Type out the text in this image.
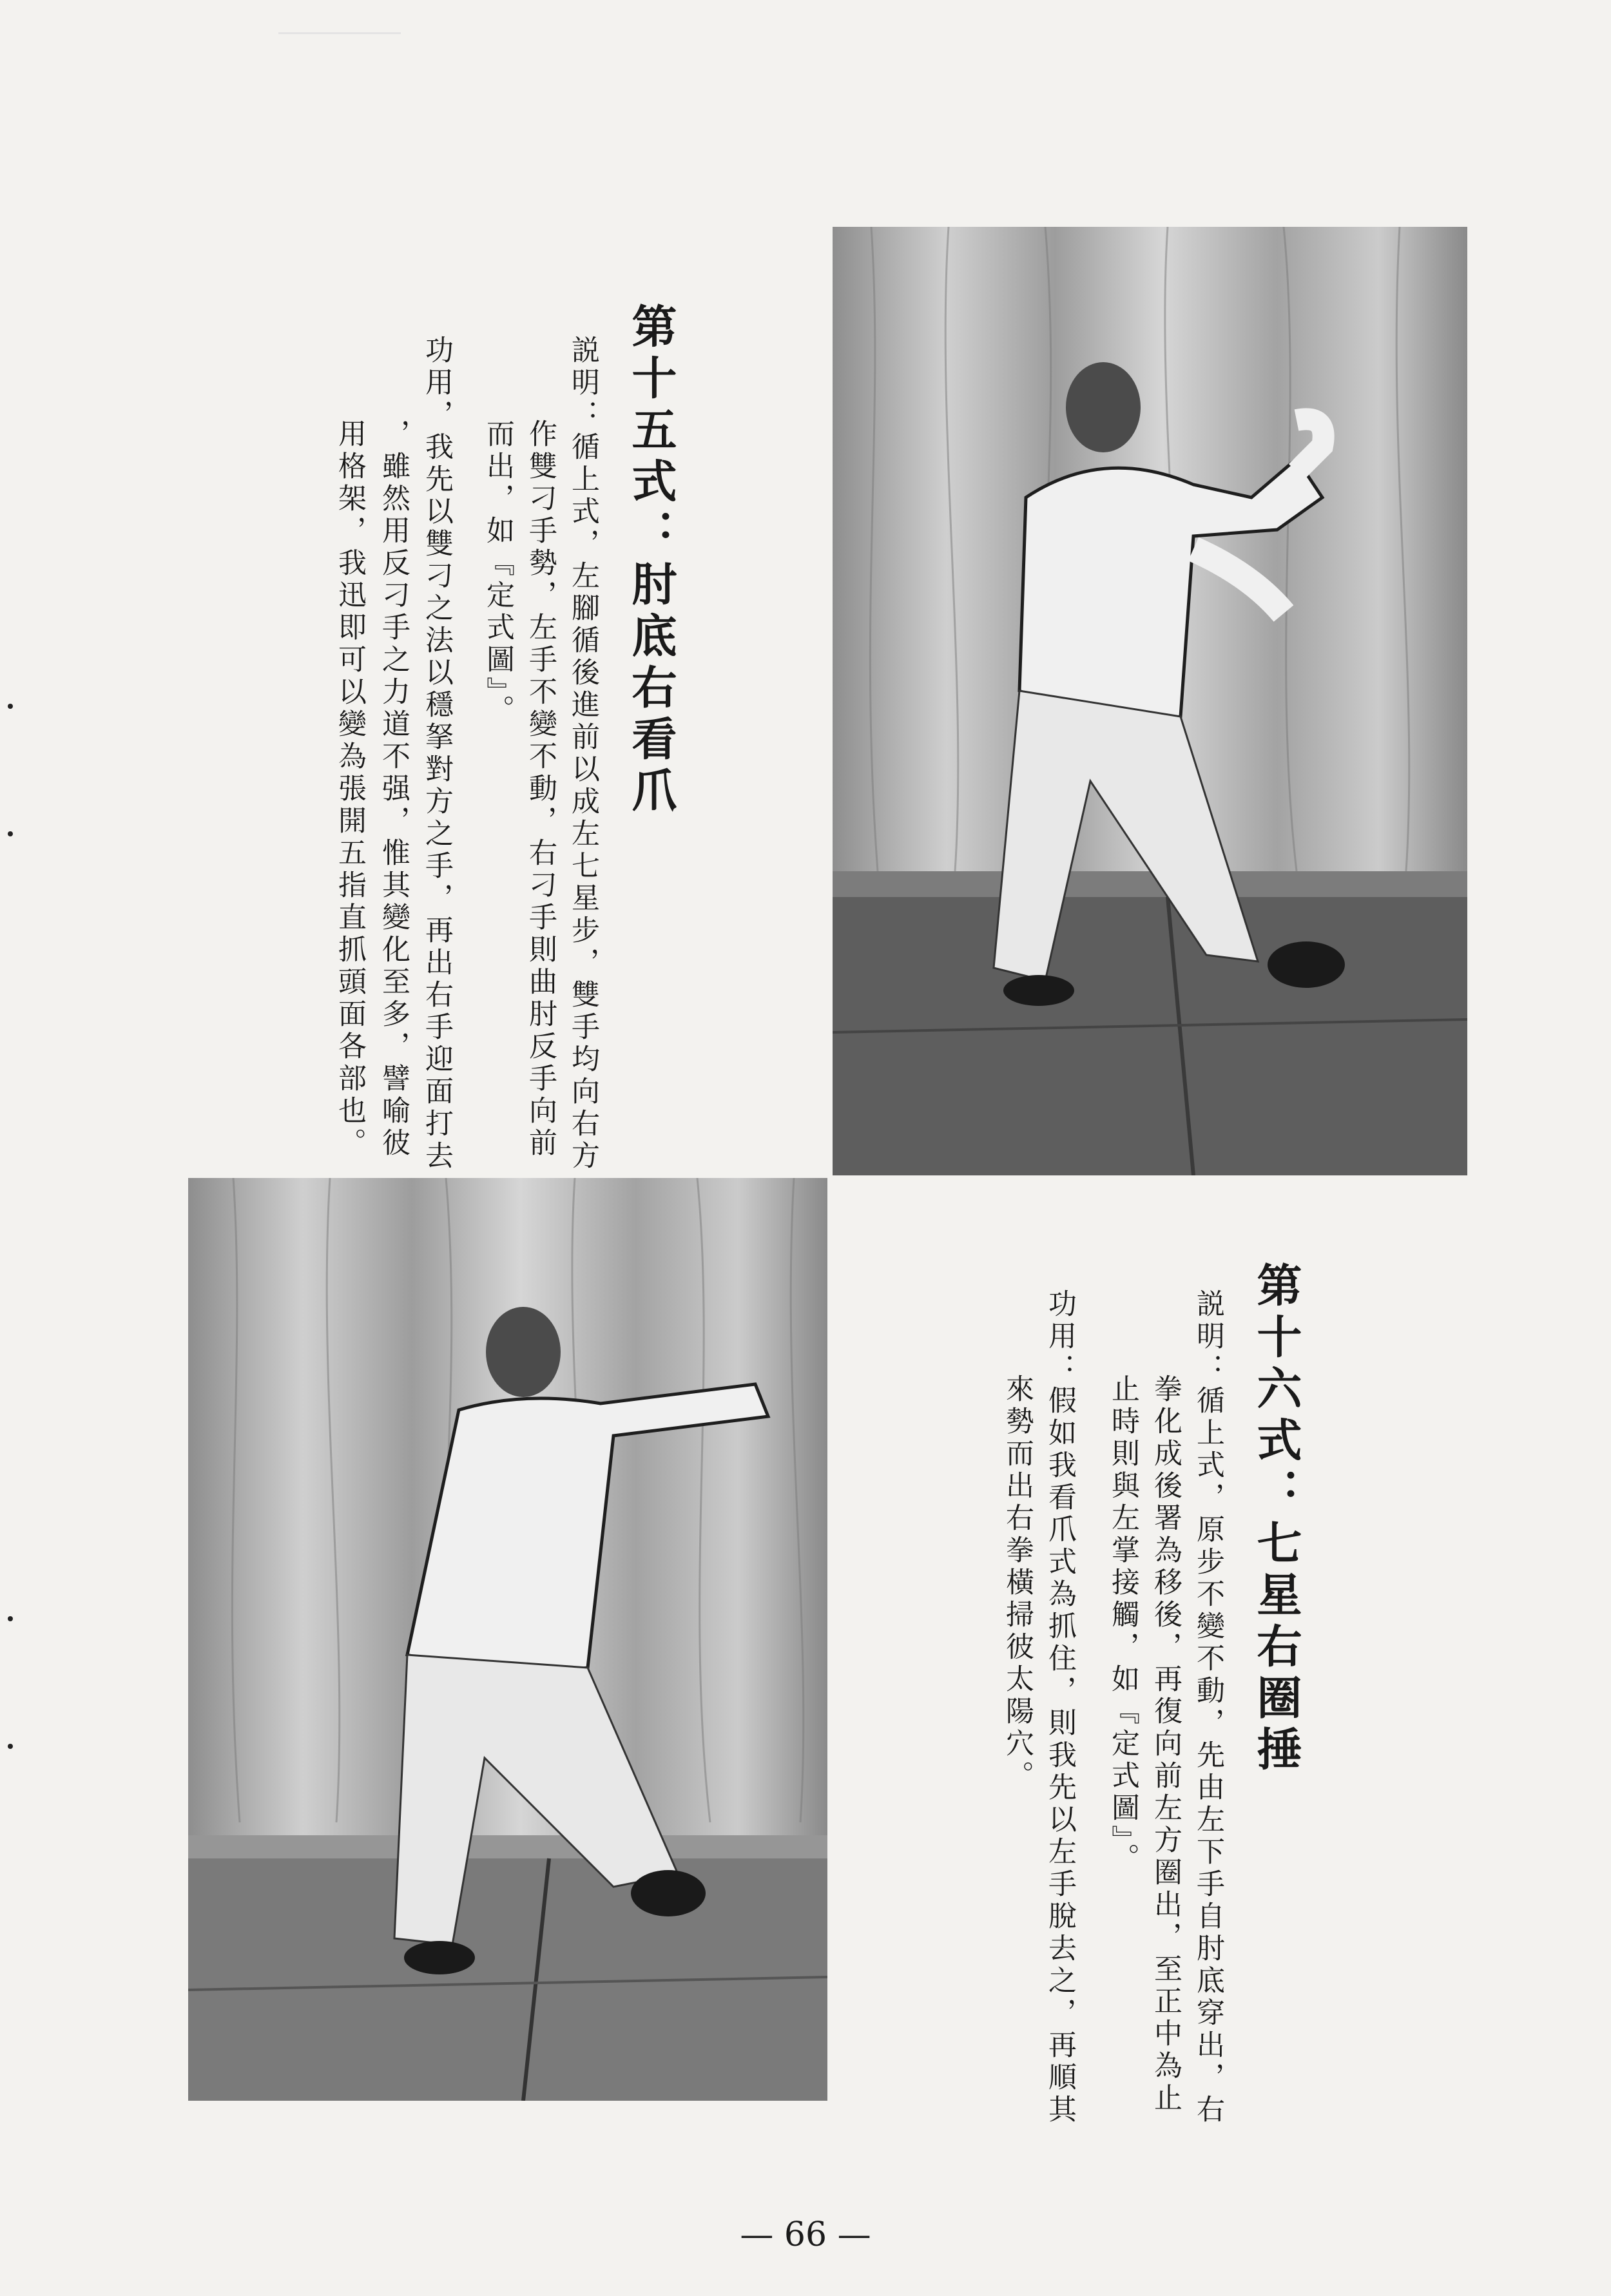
第十五式：肘底右看爪
説明：循上式，左腳循後進前以成左七星步，雙手均向右方
作雙刁手勢，左手不變不動，右刁手則曲肘反手向前
而出，如『定式圖』。
功用，我先以雙刁之法以穩拏對方之手，再出右手迎面打去
，雖然用反刁手之力道不强，惟其變化至多，譬喻彼
用格架，我迅即可以變為張開五指直抓頭面各部也。
第十六式：七星右圈捶
説明：循上式，原步不變不動，先由左下手自肘底穿出，右
拳化成後署為移後，再復向前左方圈出，至正中為止
止時則與左掌接觸，如『定式圖』。
功用：假如我看爪式為抓住，則我先以左手脫去之，再順其
來勢而出右拳橫掃彼太陽穴。
— 66 —
